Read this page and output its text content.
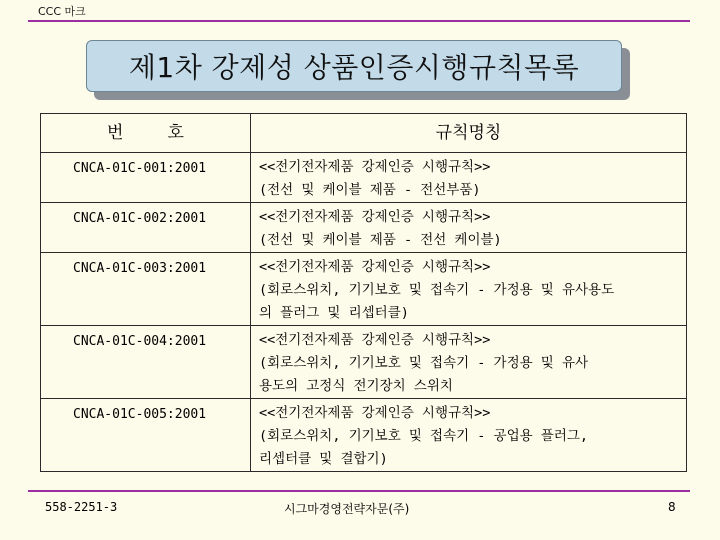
CCC 마크
제1차 강제성 상품인증시행규칙목록
번 호	규칙명칭
CNCA-01C-001:2001	<<전기전자제품 강제인증 시행규칙>>
(전선 및 케이블 제품 - 전선부품)

CNCA-01C-002:2001	<<전기전자제품 강제인증 시행규칙>>
(전선 및 케이블 제품 - 전선 케이블)

CNCA-01C-003:2001	<<전기전자제품 강제인증 시행규칙>>
(회로스위치, 기기보호 및 접속기 - 가정용 및 유사용도
의 플러그 및 리셉터클)

CNCA-01C-004:2001	<<전기전자제품 강제인증 시행규칙>>
(회로스위치, 기기보호 및 접속기 - 가정용 및 유사
용도의 고정식 전기장치 스위치

CNCA-01C-005:2001	<<전기전자제품 강제인증 시행규칙>>
(회로스위치, 기기보호 및 접속기 - 공업용 플러그,
리셉터클 및 결합기)
558-2251-3	시그마경영전략자문(주)	8
